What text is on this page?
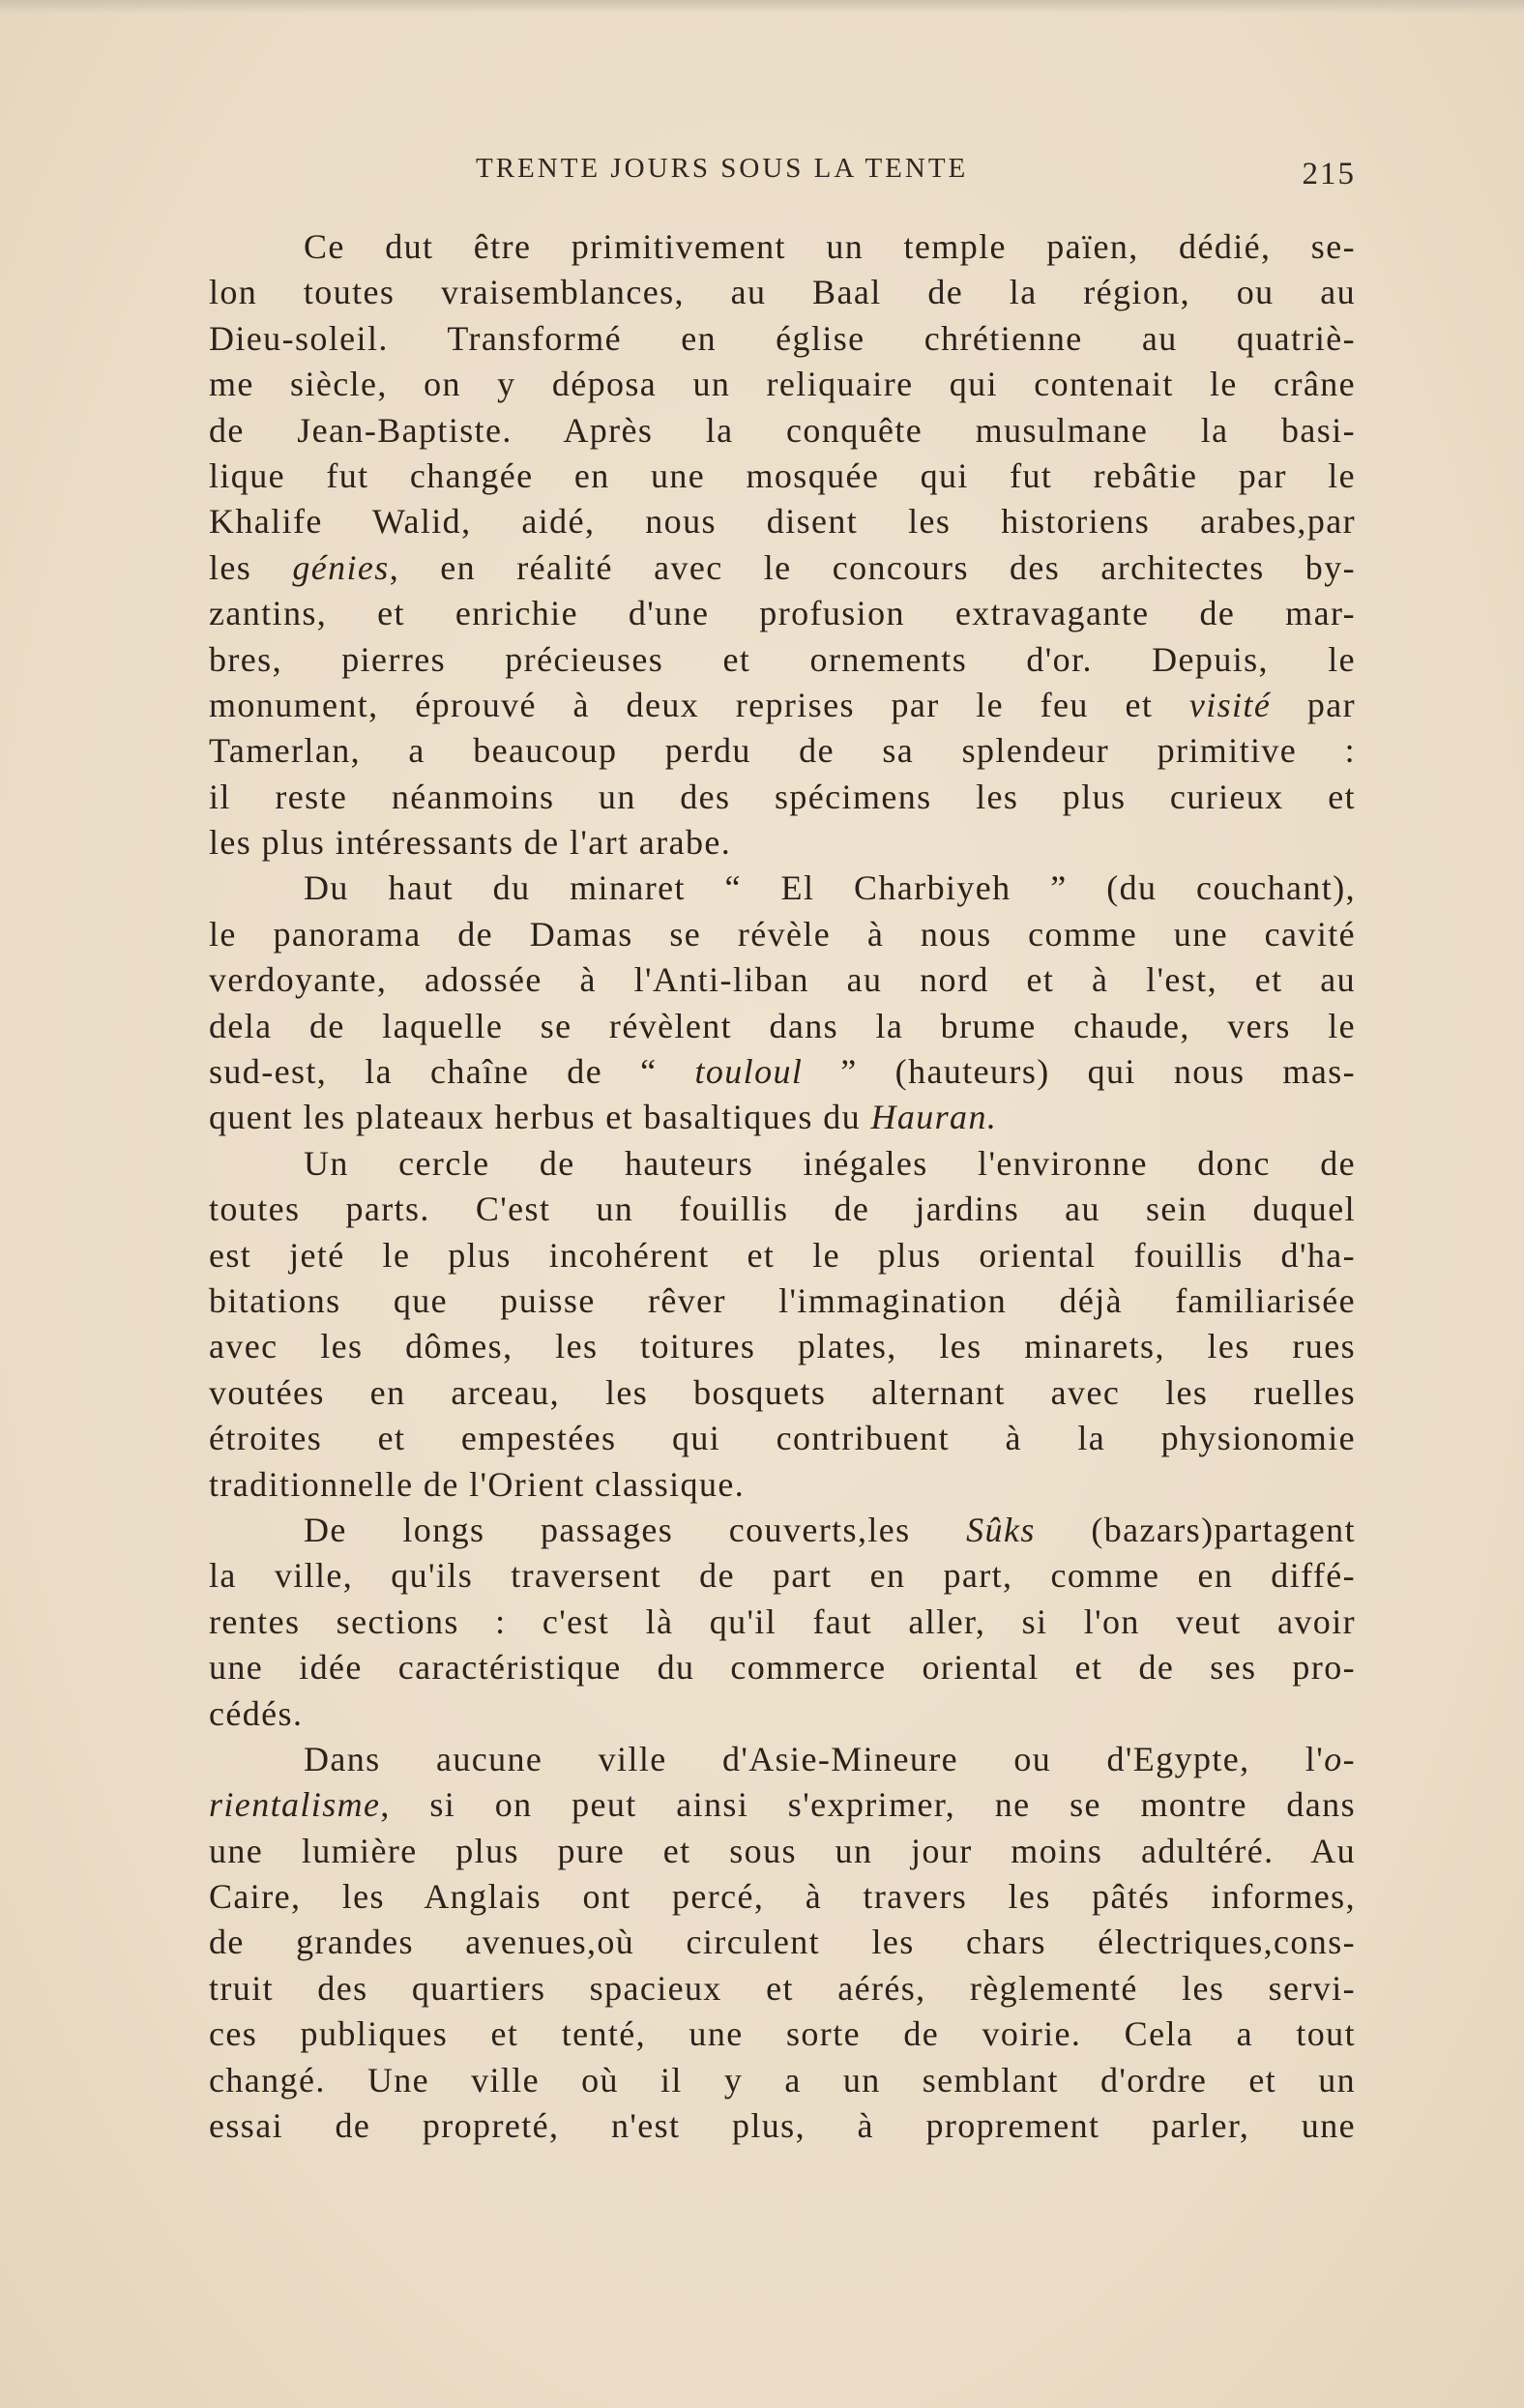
TRENTE JOURS SOUS LA TENTE	215
Ce dut être primitivement un temple païen, dédié, se-
lon toutes vraisemblances, au Baal de la région, ou au
Dieu-soleil. Transformé en église chrétienne au quatriè-
me siècle, on y déposa un reliquaire qui contenait le crâne
de Jean-Baptiste. Après la conquête musulmane la basi-
lique fut changée en une mosquée qui fut rebâtie par le
Khalife Walid, aidé, nous disent les historiens arabes,par
les génies, en réalité avec le concours des architectes by-
zantins, et enrichie d'une profusion extravagante de mar-
bres, pierres précieuses et ornements d'or. Depuis, le
monument, éprouvé à deux reprises par le feu et visité par
Tamerlan, a beaucoup perdu de sa splendeur primitive :
il reste néanmoins un des spécimens les plus curieux et
les plus intéressants de l'art arabe.
Du haut du minaret “ El Charbiyeh ” (du couchant),
le panorama de Damas se révèle à nous comme une cavité
verdoyante, adossée à l'Anti-liban au nord et à l'est, et au
dela de laquelle se révèlent dans la brume chaude, vers le
sud-est, la chaîne de “ touloul ” (hauteurs) qui nous mas-
quent les plateaux herbus et basaltiques du Hauran.
Un cercle de hauteurs inégales l'environne donc de
toutes parts. C'est un fouillis de jardins au sein duquel
est jeté le plus incohérent et le plus oriental fouillis d'ha-
bitations que puisse rêver l'immagination déjà familiarisée
avec les dômes, les toitures plates, les minarets, les rues
voutées en arceau, les bosquets alternant avec les ruelles
étroites et empestées qui contribuent à la physionomie
traditionnelle de l'Orient classique.
De longs passages couverts,les Sûks (bazars)partagent
la ville, qu'ils traversent de part en part, comme en diffé-
rentes sections : c'est là qu'il faut aller, si l'on veut avoir
une idée caractéristique du commerce oriental et de ses pro-
cédés.
Dans aucune ville d'Asie-Mineure ou d'Egypte, l'o-
rientalisme, si on peut ainsi s'exprimer, ne se montre dans
une lumière plus pure et sous un jour moins adultéré. Au
Caire, les Anglais ont percé, à travers les pâtés informes,
de grandes avenues,où circulent les chars électriques,cons-
truit des quartiers spacieux et aérés, règlementé les servi-
ces publiques et tenté, une sorte de voirie. Cela a tout
changé. Une ville où il y a un semblant d'ordre et un
essai de propreté, n'est plus, à proprement parler, une
